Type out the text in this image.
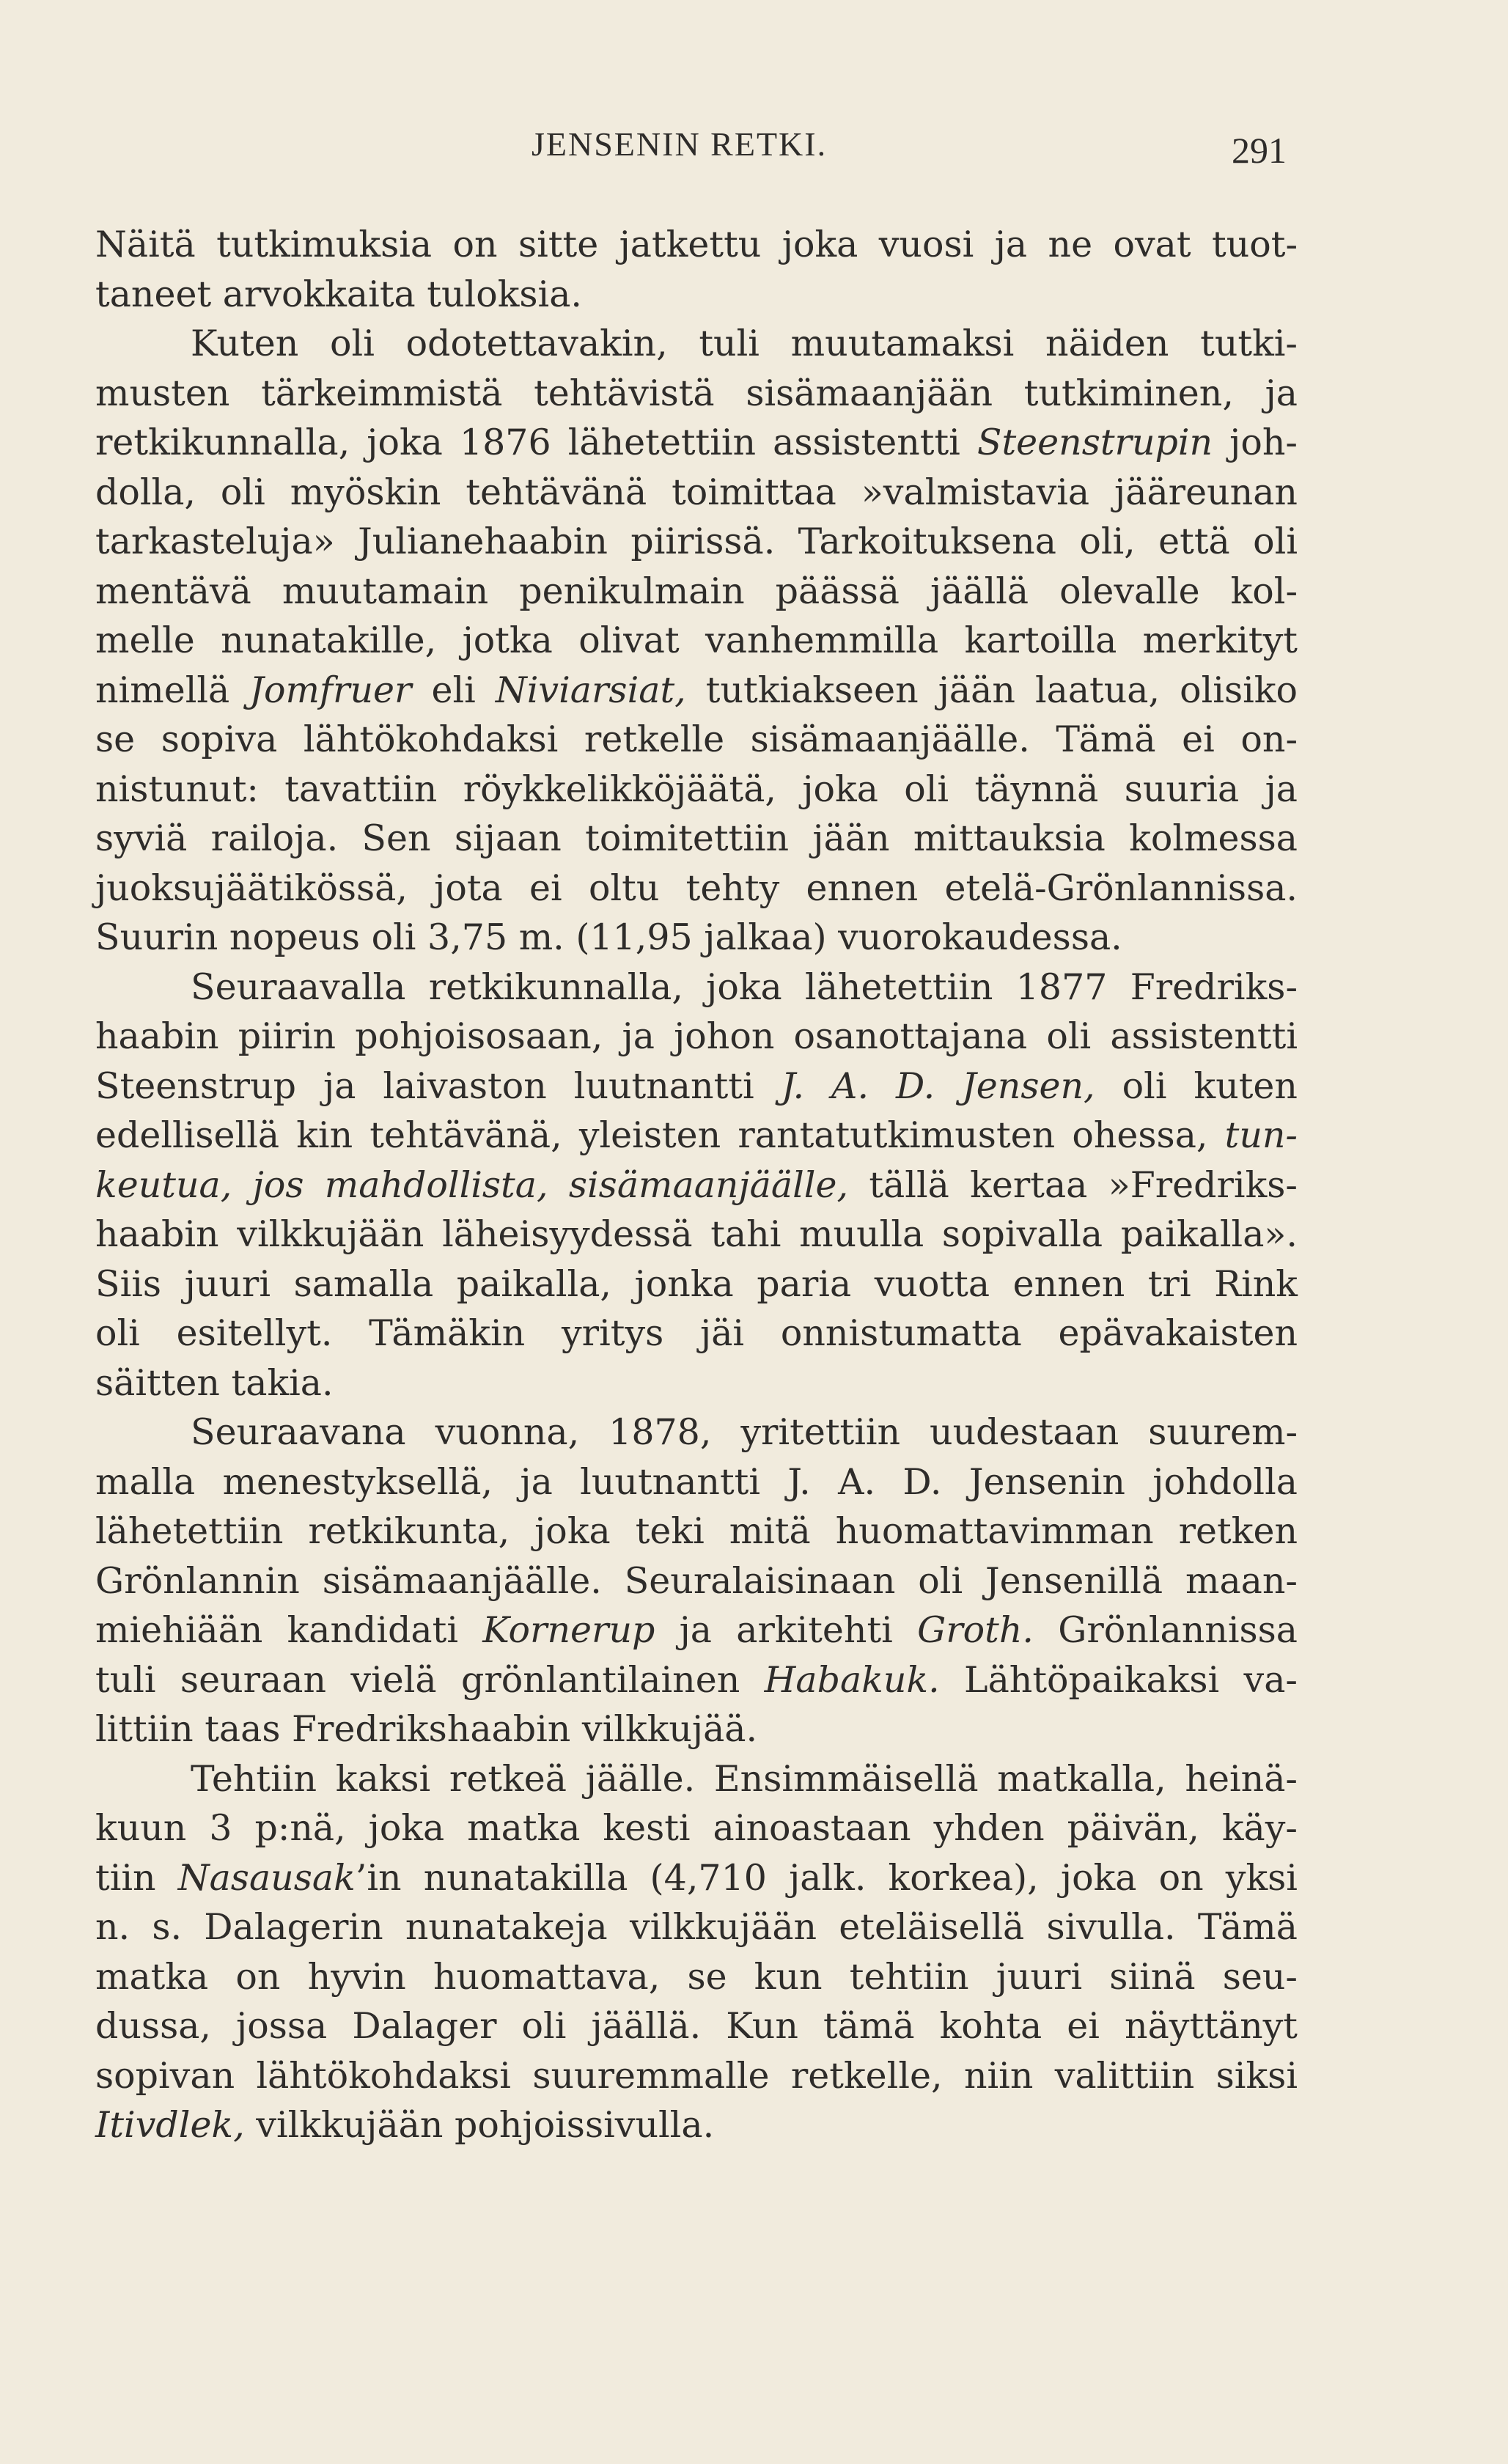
JENSENIN RETKI.	291
Näitä tutkimuksia on sitte jatkettu joka vuosi ja ne ovat tuot-
taneet arvokkaita tuloksia.
Kuten oli odotettavakin, tuli muutamaksi näiden tutki-
musten tärkeimmistä tehtävistä sisämaanjään tutkiminen, ja
retkikunnalla, joka 1876 lähetettiin assistentti Steenstrupin joh-
dolla, oli myöskin tehtävänä toimittaa »valmistavia jääreunan
tarkasteluja» Julianehaabin piirissä. Tarkoituksena oli, että oli
mentävä muutamain penikulmain päässä jäällä olevalle kol-
melle nunatakille, jotka olivat vanhemmilla kartoilla merkityt
nimellä Jomfruer eli Niviarsiat, tutkiakseen jään laatua, olisiko
se sopiva lähtökohdaksi retkelle sisämaanjäälle. Tämä ei on-
nistunut: tavattiin röykkelikköjäätä, joka oli täynnä suuria ja
syviä railoja. Sen sijaan toimitettiin jään mittauksia kolmessa
juoksujäätikössä, jota ei oltu tehty ennen etelä-Grönlannissa.
Suurin nopeus oli 3,75 m. (11,95 jalkaa) vuorokaudessa.
Seuraavalla retkikunnalla, joka lähetettiin 1877 Fredriks-
haabin piirin pohjoisosaan, ja johon osanottajana oli assistentti
Steenstrup ja laivaston luutnantti J. A. D. Jensen, oli kuten
edellisellä kin tehtävänä, yleisten rantatutkimusten ohessa, tun-
keutua, jos mahdollista, sisämaanjäälle, tällä kertaa »Fredriks-
haabin vilkkujään läheisyydessä tahi muulla sopivalla paikalla».
Siis juuri samalla paikalla, jonka paria vuotta ennen tri Rink
oli esitellyt. Tämäkin yritys jäi onnistumatta epävakaisten
säitten takia.
Seuraavana vuonna, 1878, yritettiin uudestaan suurem-
malla menestyksellä, ja luutnantti J. A. D. Jensenin johdolla
lähetettiin retkikunta, joka teki mitä huomattavimman retken
Grönlannin sisämaanjäälle. Seuralaisinaan oli Jensenillä maan-
miehiään kandidati Kornerup ja arkitehti Groth. Grönlannissa
tuli seuraan vielä grönlantilainen Habakuk. Lähtöpaikaksi va-
littiin taas Fredrikshaabin vilkkujää.
Tehtiin kaksi retkeä jäälle. Ensimmäisellä matkalla, heinä-
kuun 3 p:nä, joka matka kesti ainoastaan yhden päivän, käy-
tiin Nasausak’in nunatakilla (4,710 jalk. korkea), joka on yksi
n. s. Dalagerin nunatakeja vilkkujään eteläisellä sivulla. Tämä
matka on hyvin huomattava, se kun tehtiin juuri siinä seu-
dussa, jossa Dalager oli jäällä. Kun tämä kohta ei näyttänyt
sopivan lähtökohdaksi suuremmalle retkelle, niin valittiin siksi
Itivdlek, vilkkujään pohjoissivulla.
